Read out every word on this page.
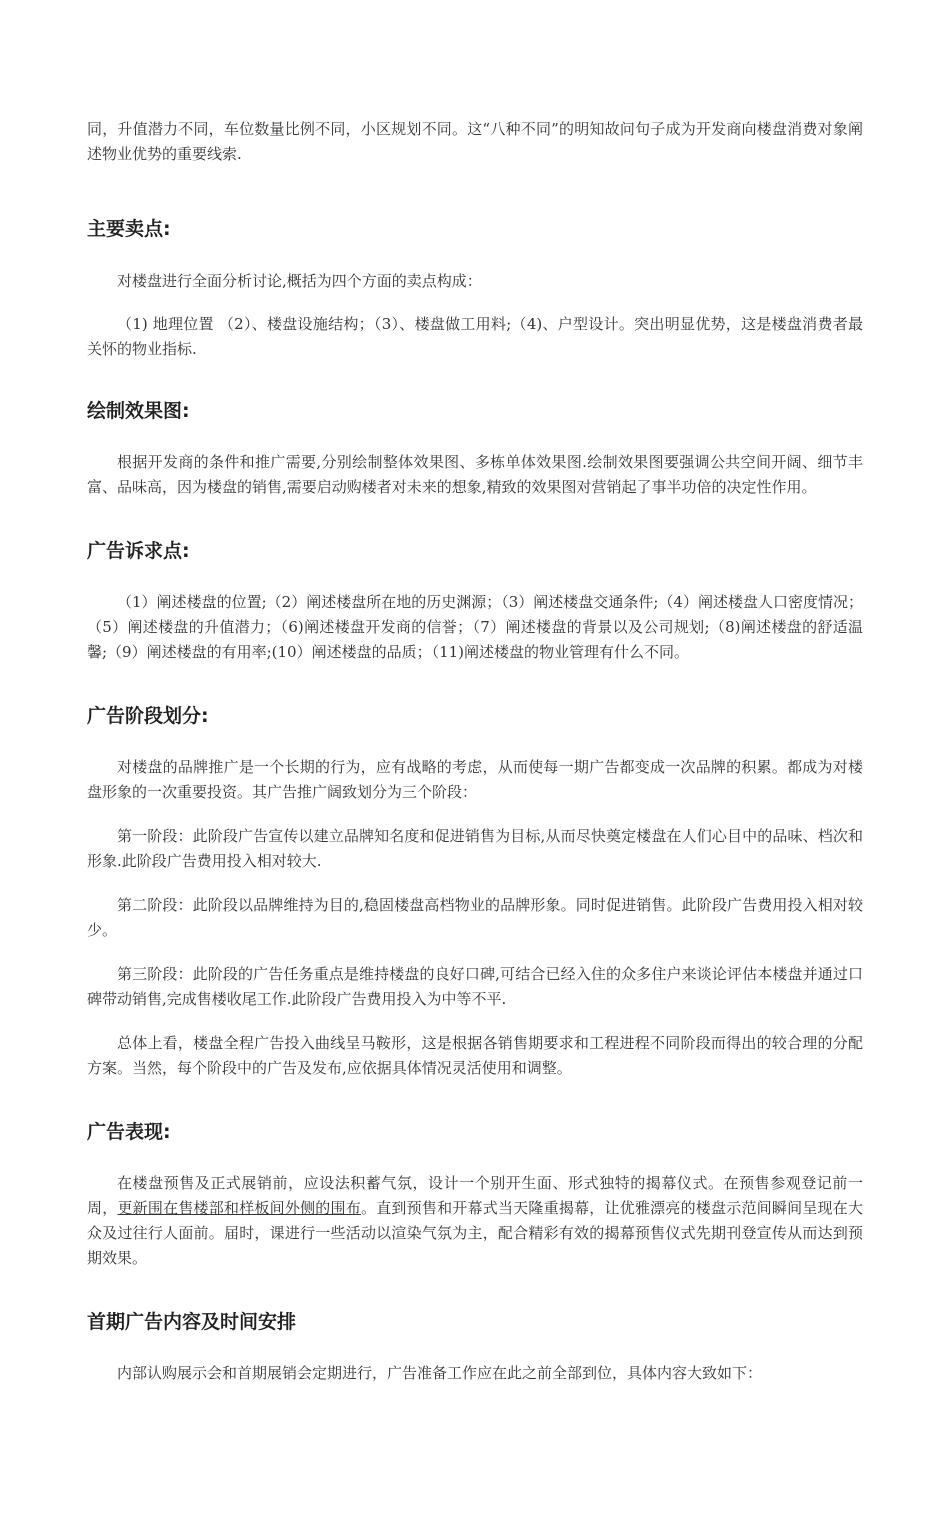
同，升值潜力不同，车位数量比例不同，小区规划不同。这“八种不同”的明知故问句子成为开发商向楼盘消费对象阐述物业优势的重要线索.

主要卖点:

对楼盘进行全面分析讨论,概括为四个方面的卖点构成：

（1) 地理位置 （2）、楼盘设施结构；（3）、楼盘做工用料;（4)、户型设计。突出明显优势，这是楼盘消费者最关怀的物业指标.

绘制效果图:

根据开发商的条件和推广需要,分别绘制整体效果图、多栋单体效果图.绘制效果图要强调公共空间开阔、细节丰富、品味高，因为楼盘的销售,需要启动购楼者对未来的想象,精致的效果图对营销起了事半功倍的决定性作用。

广告诉求点:

（1）阐述楼盘的位置;（2）阐述楼盘所在地的历史渊源；（3）阐述楼盘交通条件;（4）阐述楼盘人口密度情况；（5）阐述楼盘的升值潜力；（6)阐述楼盘开发商的信誉；（7）阐述楼盘的背景以及公司规划;（8)阐述楼盘的舒适温馨;（9）阐述楼盘的有用率;(10）阐述楼盘的品质；（11)阐述楼盘的物业管理有什么不同。

广告阶段划分:

对楼盘的品牌推广是一个长期的行为，应有战略的考虑，从而使每一期广告都变成一次品牌的积累。都成为对楼盘形象的一次重要投资。其广告推广阔致划分为三个阶段：

第一阶段：此阶段广告宣传以建立品牌知名度和促进销售为目标,从而尽快奠定楼盘在人们心目中的品味、档次和形象.此阶段广告费用投入相对较大.

第二阶段：此阶段以品牌维持为目的,稳固楼盘高档物业的品牌形象。同时促进销售。此阶段广告费用投入相对较少。

第三阶段：此阶段的广告任务重点是维持楼盘的良好口碑,可结合已经入住的众多住户来谈论评估本楼盘并通过口碑带动销售,完成售楼收尾工作.此阶段广告费用投入为中等不平.

总体上看，楼盘全程广告投入曲线呈马鞍形，这是根据各销售期要求和工程进程不同阶段而得出的较合理的分配方案。当然，每个阶段中的广告及发布,应依据具体情况灵活使用和调整。

广告表现:

在楼盘预售及正式展销前，应设法积蓄气氛，设计一个别开生面、形式独特的揭幕仪式。在预售参观登记前一周，更新围在售楼部和样板间外侧的围布。直到预售和开幕式当天隆重揭幕，让优雅漂亮的楼盘示范间瞬间呈现在大众及过往行人面前。届时，课进行一些活动以渲染气氛为主，配合精彩有效的揭幕预售仪式先期刊登宣传从而达到预期效果。

首期广告内容及时间安排

内部认购展示会和首期展销会定期进行，广告准备工作应在此之前全部到位，具体内容大致如下：
